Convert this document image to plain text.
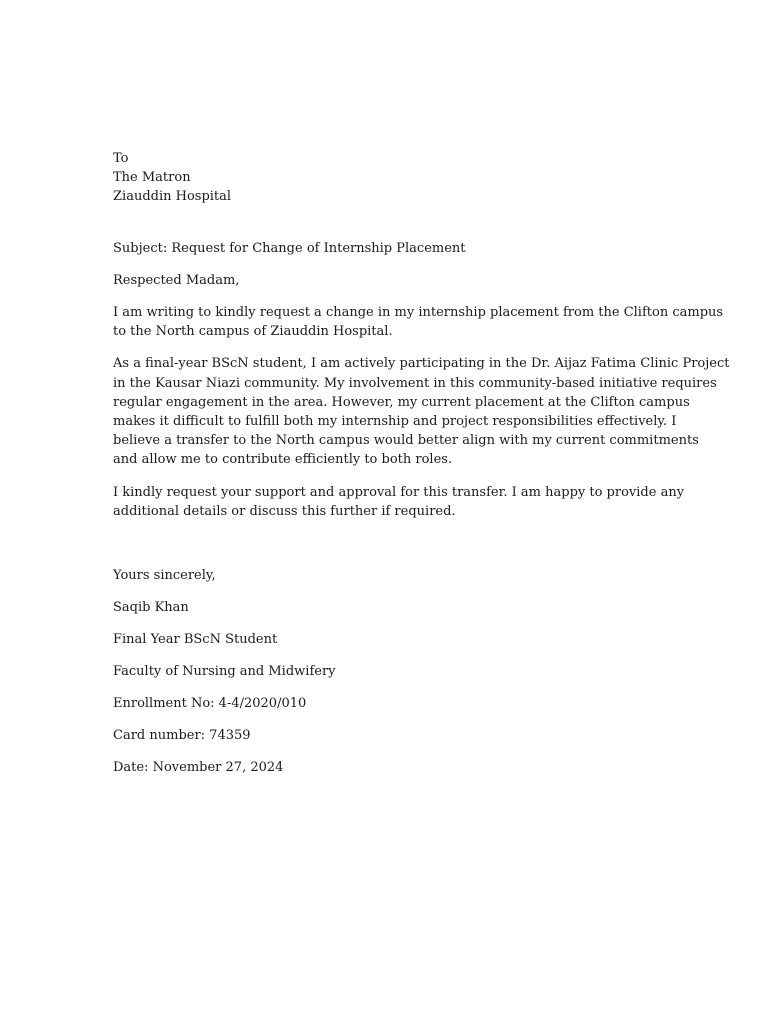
To
The Matron
Ziauddin Hospital
Subject: Request for Change of Internship Placement
Respected Madam,

I am writing to kindly request a change in my internship placement from the Clifton campus
to the North campus of Ziauddin Hospital.

As a final-year BScN student, I am actively participating in the Dr. Aijaz Fatima Clinic Project
in the Kausar Niazi community. My involvement in this community-based initiative requires
regular engagement in the area. However, my current placement at the Clifton campus
makes it difficult to fulfill both my internship and project responsibilities effectively. I
believe a transfer to the North campus would better align with my current commitments
and allow me to contribute efficiently to both roles.

I kindly request your support and approval for this transfer. I am happy to provide any
additional details or discuss this further if required.

Yours sincerely,
Saqib Khan
Final Year BScN Student
Faculty of Nursing and Midwifery
Enrollment No: 4-4/2020/010
Card number: 74359
Date: November 27, 2024
